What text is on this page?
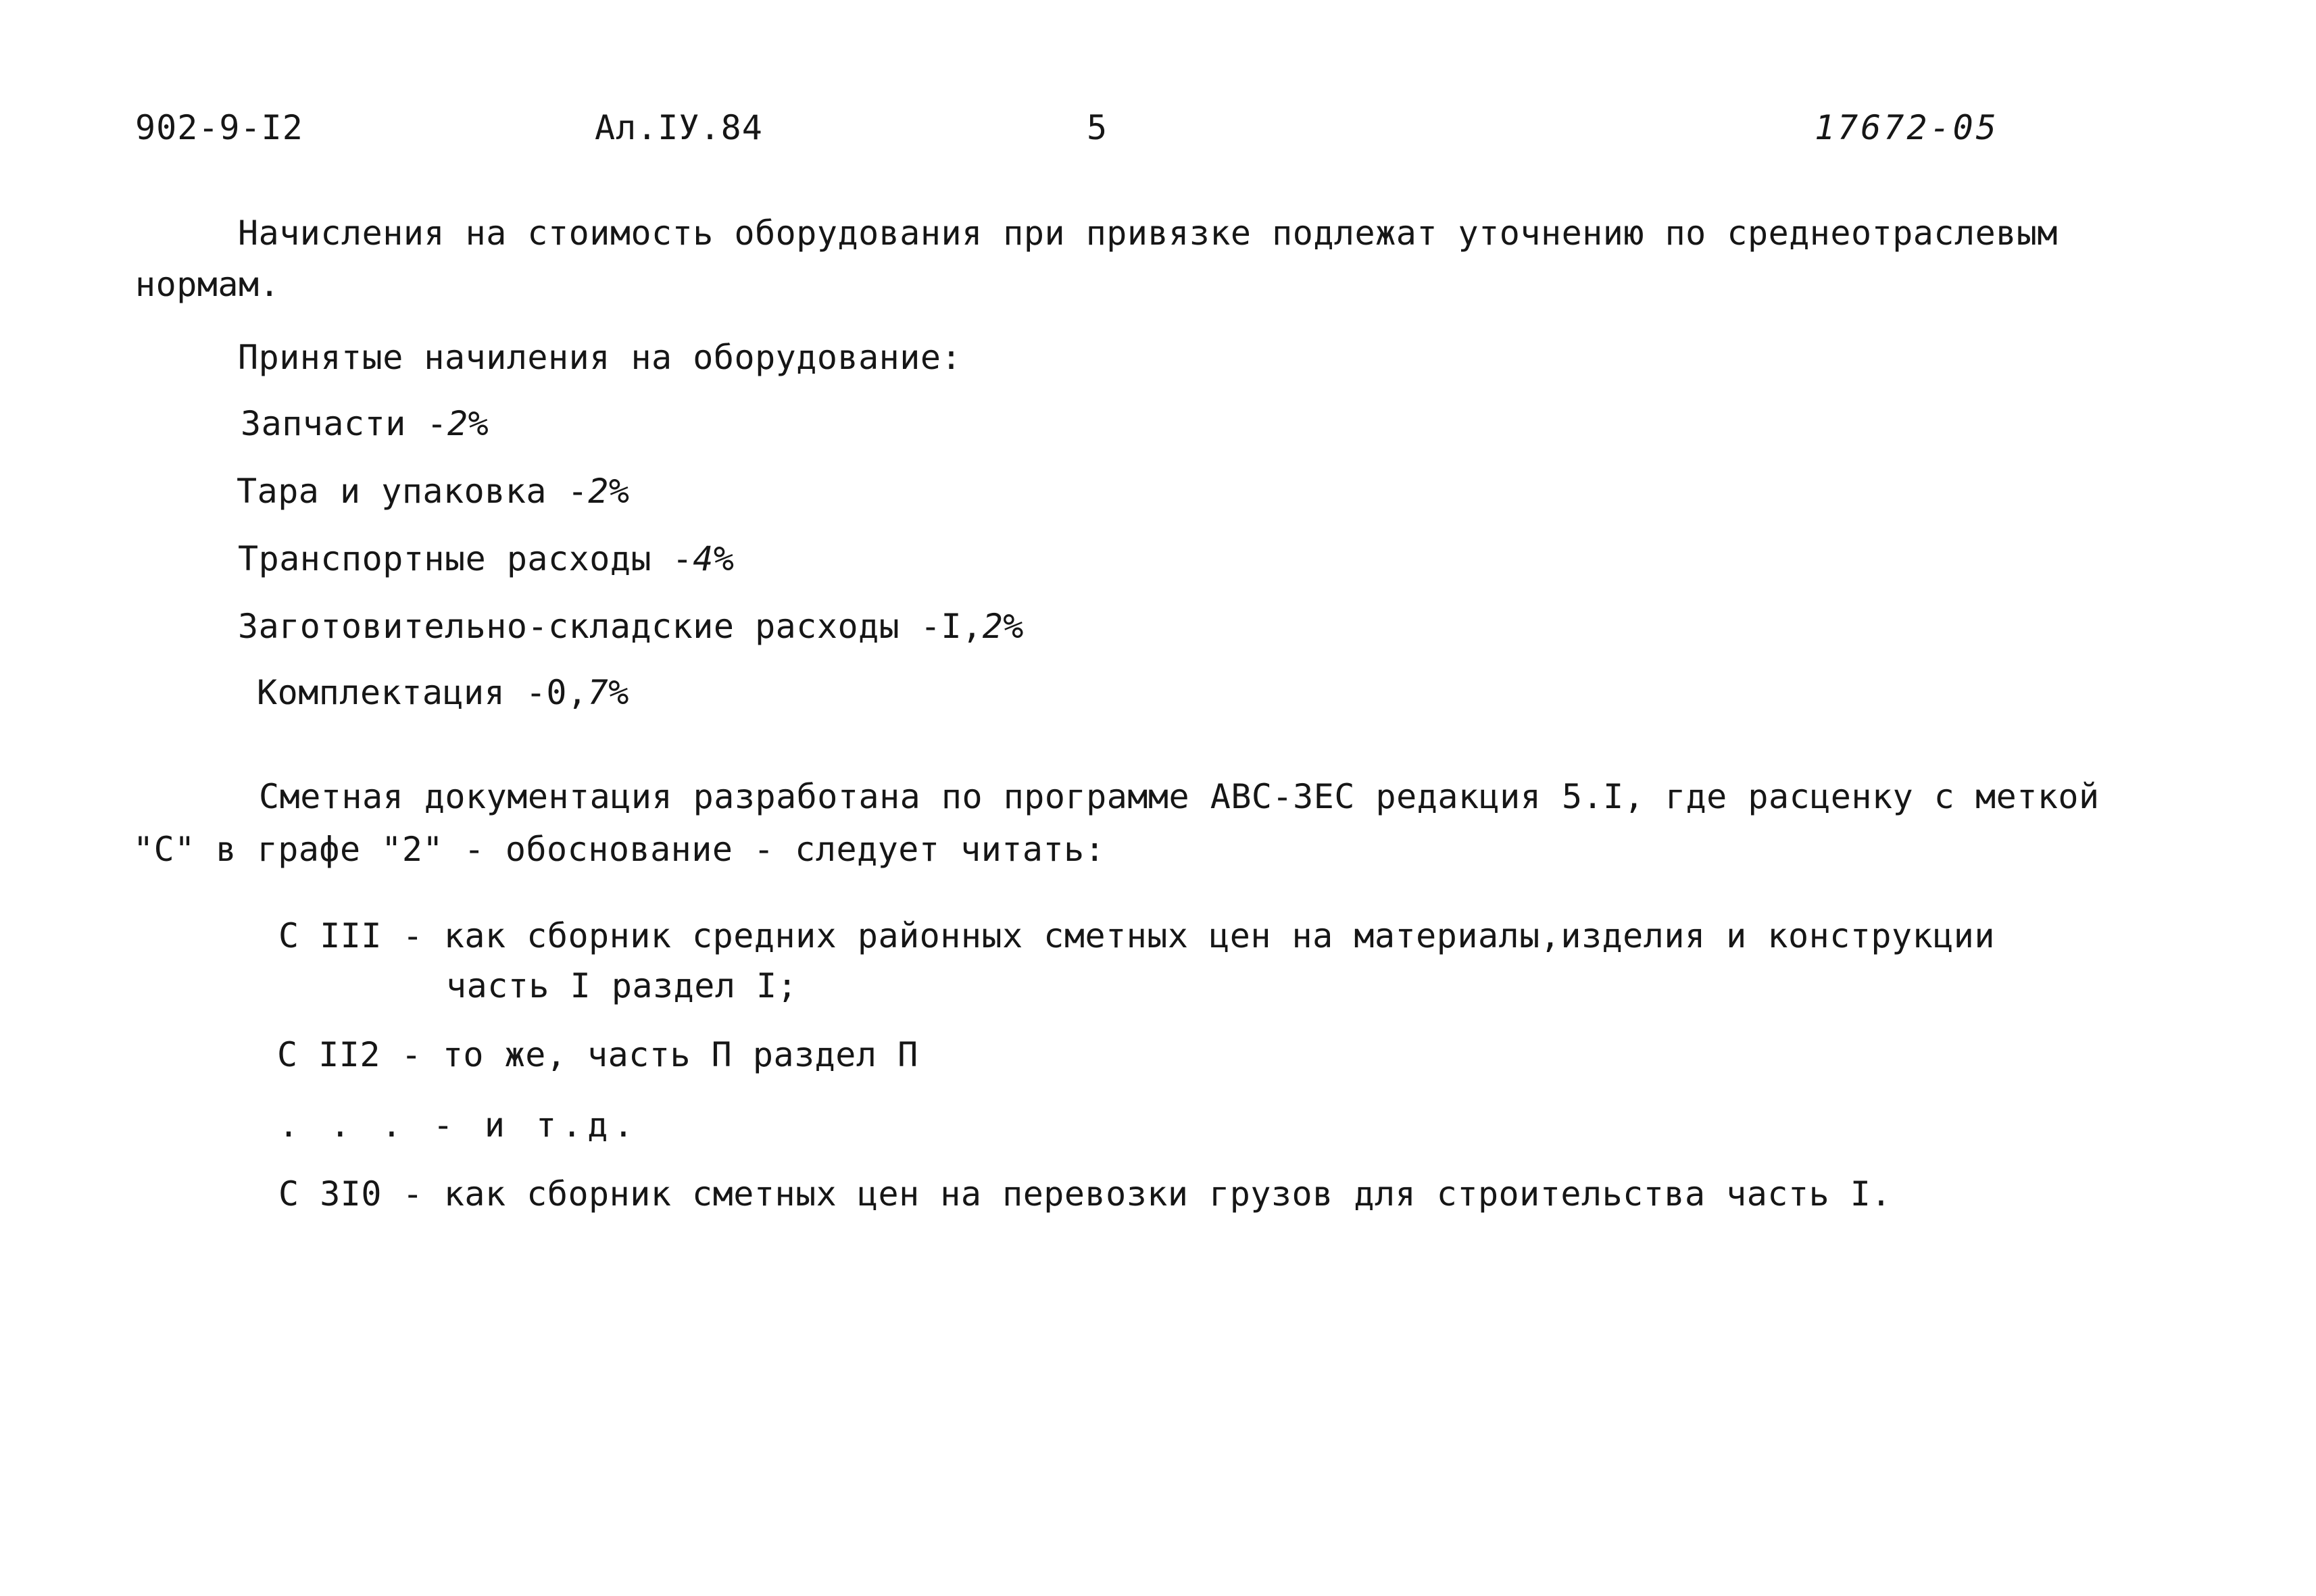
902-9-I2	Ал.IУ.84	5	17672-05
Начисления на стоимость оборудования при привязке подлежат уточнению по среднеотраслевым
нормам.
Принятые начиления на оборудование:
Запчасти -2%
Тара и упаковка -2%
Транспортные расходы -4%
Заготовительно-складские расходы -I,2%
Комплектация -0,7%
Сметная документация разработана по программе АВС-ЗЕС редакция 5.I, где расценку с меткой
"С" в графе "2" - обоснование - следует читать:
С III - как сборник средних районных сметных цен на материалы,изделия и конструкции
часть I раздел I;
С II2 - то же, часть П раздел П
. . . - и т.д.
С 3I0 - как сборник сметных цен на перевозки грузов для строительства часть I.
